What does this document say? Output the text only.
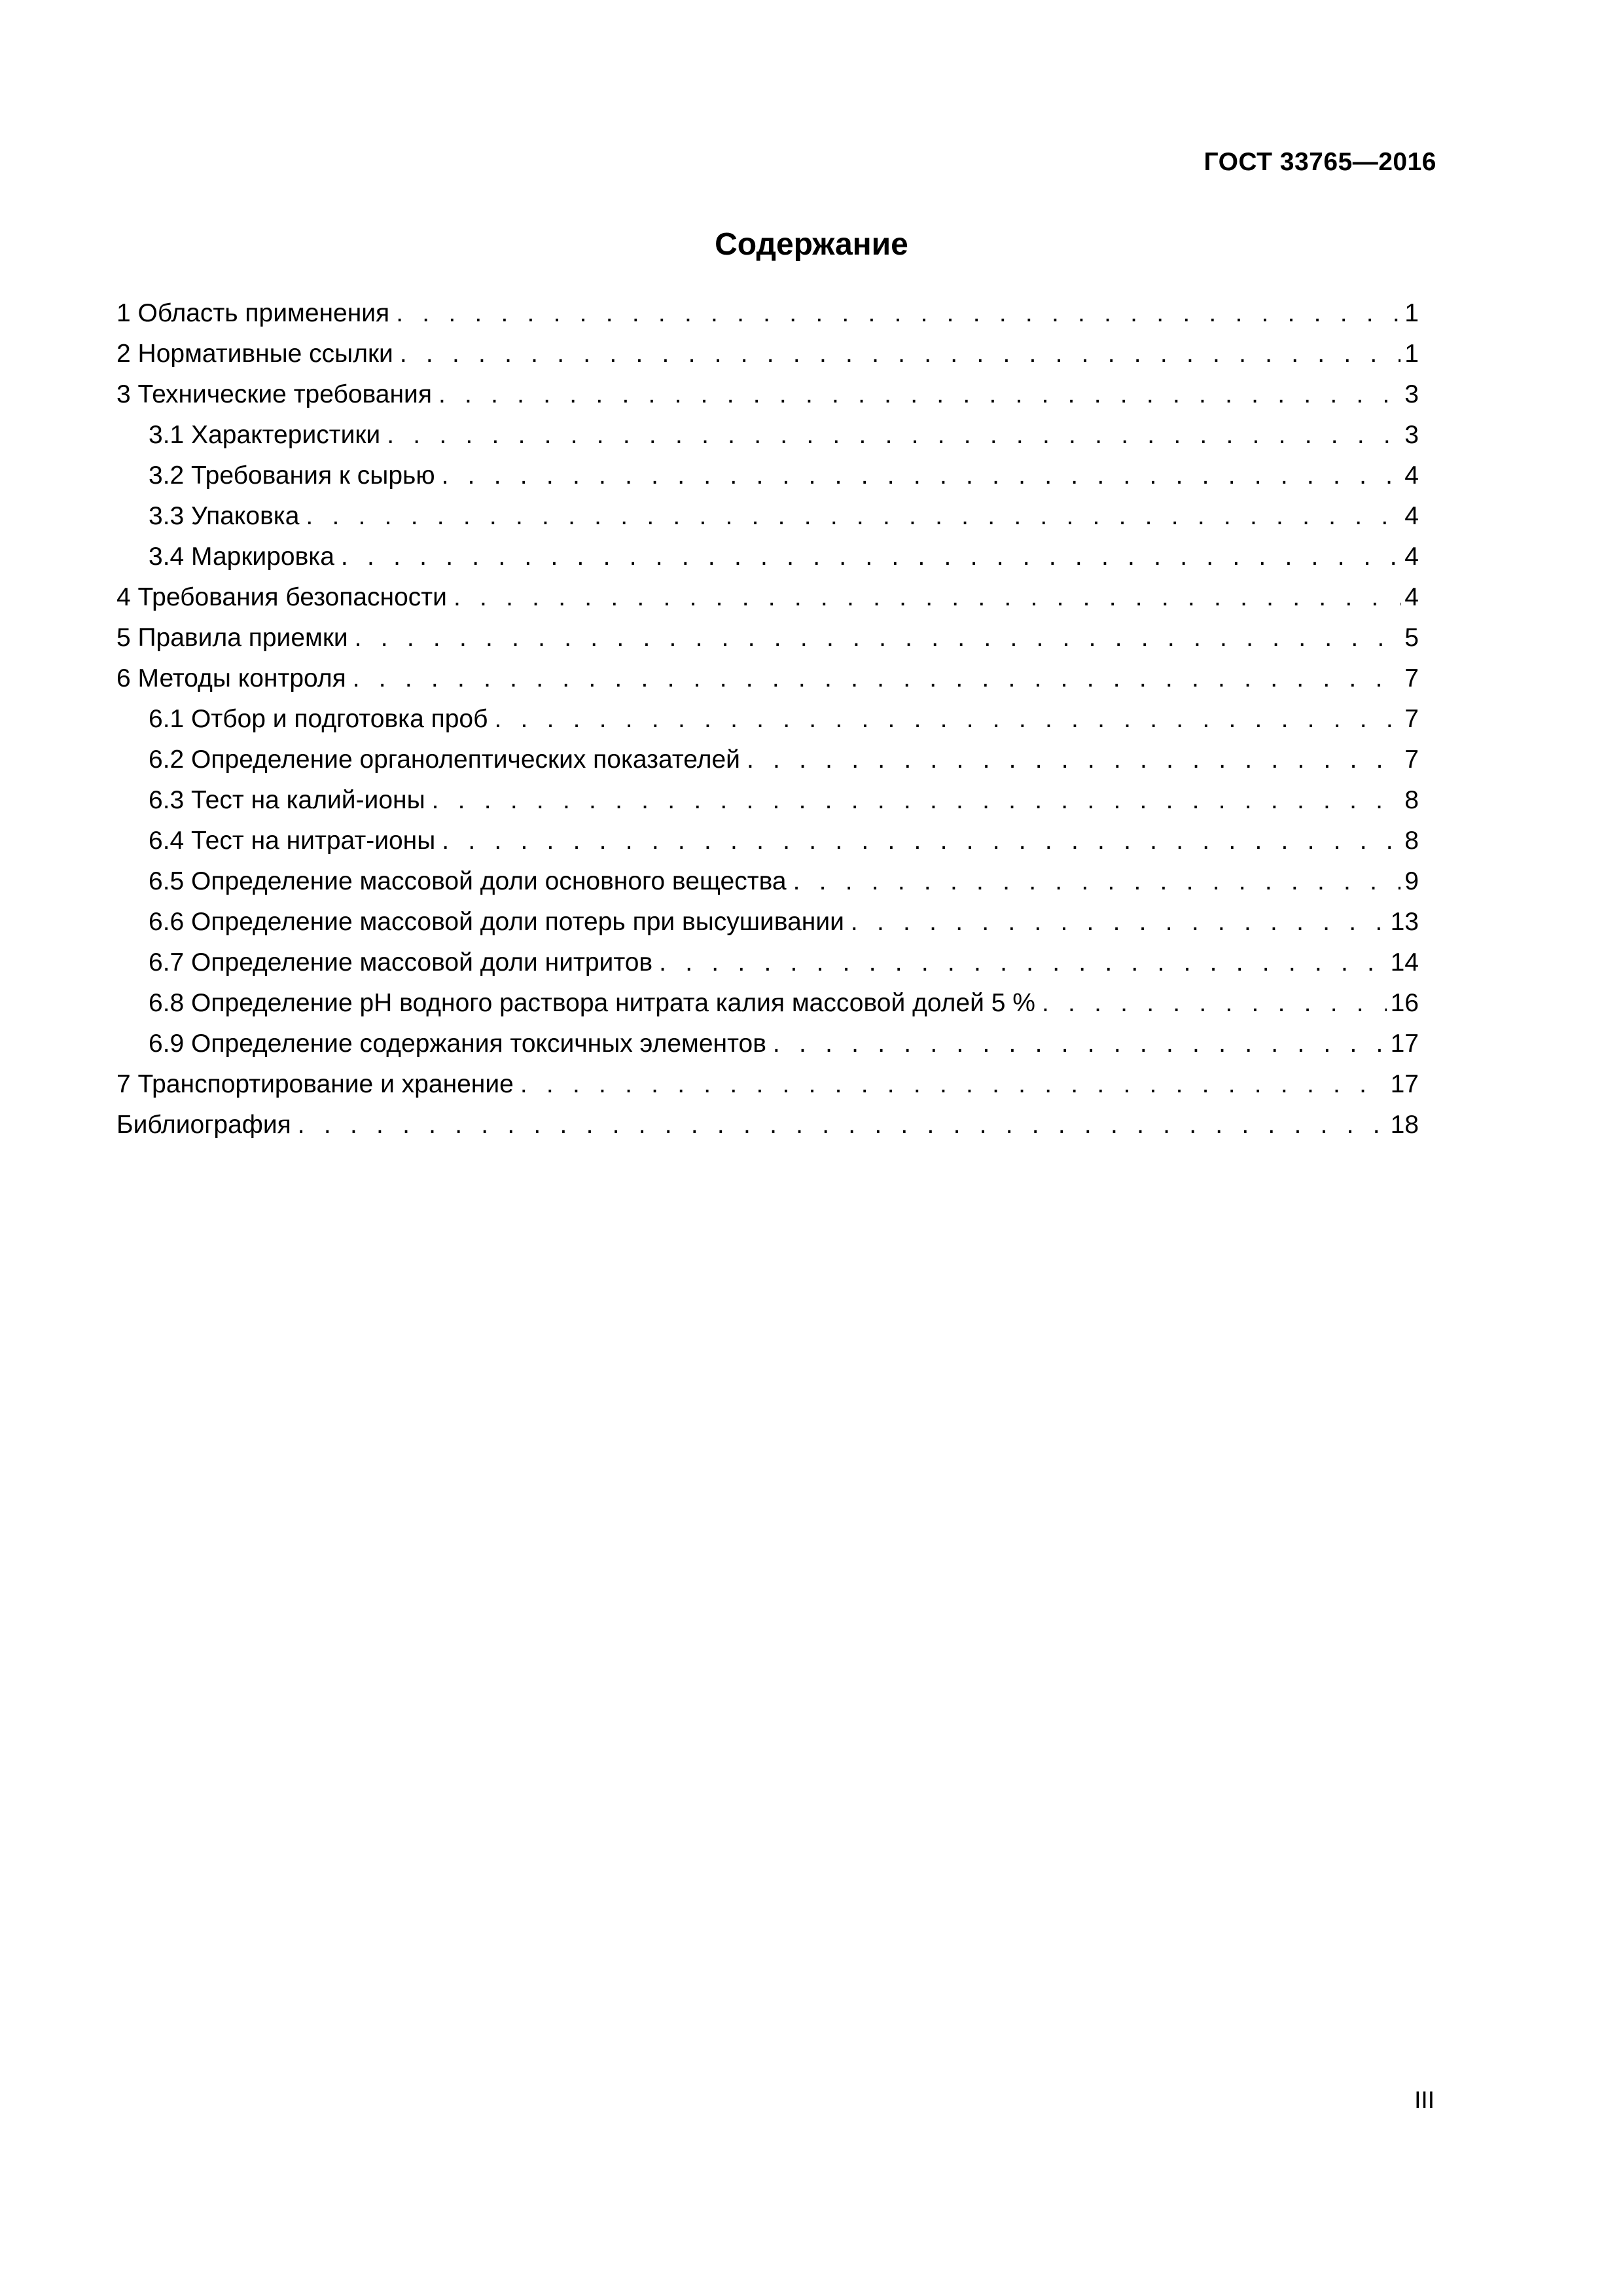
ГОСТ 33765—2016
Содержание
1 Область применения . . .	1
2 Нормативные ссылки . . .	1
3 Технические требования . . .	3
3.1 Характеристики . . .	3
3.2 Требования к сырью . . .	4
3.3 Упаковка . . .	4
3.4 Маркировка . . .	4
4 Требования безопасности . . .	4
5 Правила приемки . . .	5
6 Методы контроля . . .	7
6.1 Отбор и подготовка проб . . .	7
6.2 Определение органолептических показателей . . .	7
6.3 Тест на калий-ионы . . .	8
6.4 Тест на нитрат-ионы . . .	8
6.5 Определение массовой доли основного вещества . . .	9
6.6 Определение массовой доли потерь при высушивании . . .	13
6.7 Определение массовой доли нитритов . . .	14
6.8 Определение рН водного раствора нитрата калия массовой долей 5 % . . .	16
6.9 Определение содержания токсичных элементов . . .	17
7 Транспортирование и хранение . . .	17
Библиография . . .	18
III
